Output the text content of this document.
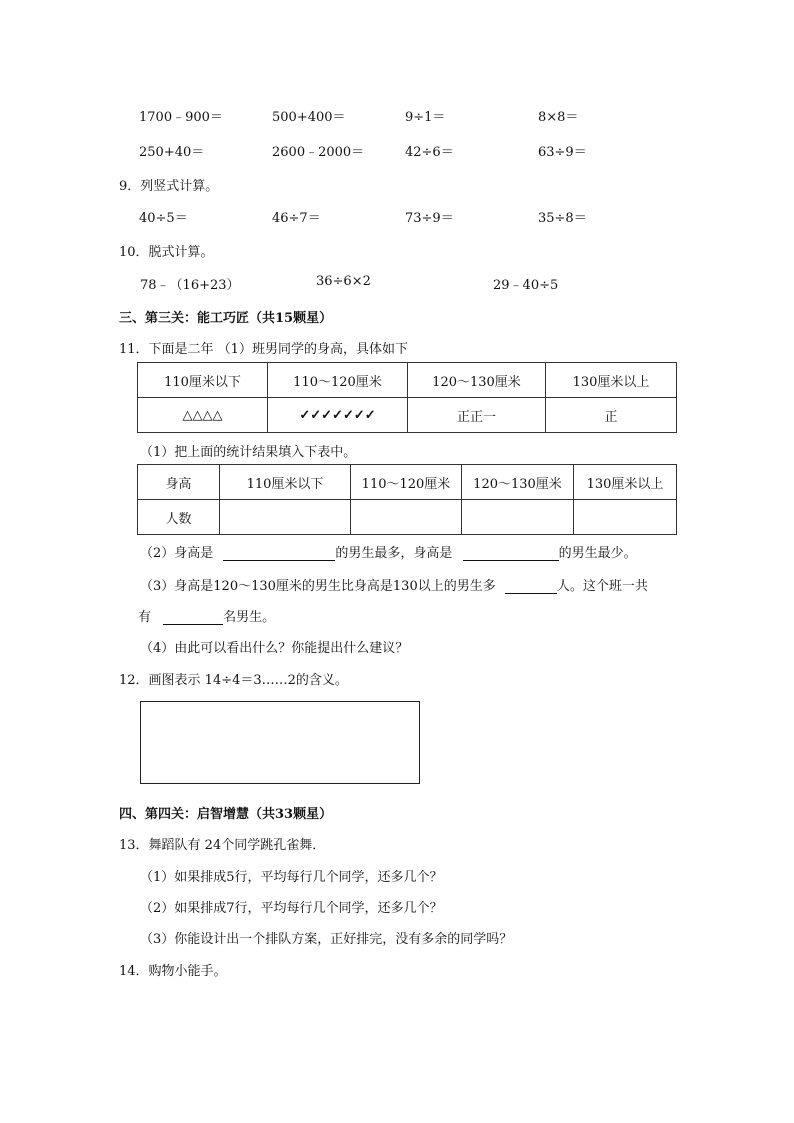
1700﹣900＝	500+400＝	9÷1＝	8×8＝
250+40＝	2600﹣2000＝	42÷6＝	63÷9＝
9．列竖式计算。
40÷5＝	46÷7＝	73÷9＝	35÷8＝
10．脱式计算。
78﹣（16+23）	36÷6×2	29﹣40÷5
三、第三关：能工巧匠（共15颗星）
11．下面是二年 （1）班男同学的身高，具体如下
110厘米以下	110～120厘米	120～130厘米	130厘米以上
△△△△	✓✓✓✓✓✓✓	正正一	正
（1）把上面的统计结果填入下表中。
身高	110厘米以下	110～120厘米	120～130厘米	130厘米以上
人数				
（2）身高是	的男生最多，身高是	的男生最少。
（3）身高是120～130厘米的男生比身高是130以上的男生多	人。这个班一共
有	名男生。
（4）由此可以看出什么？你能提出什么建议？
12．画图表示 14÷4＝3……2的含义。
四、第四关：启智增慧（共33颗星）
13．舞蹈队有 24个同学跳孔雀舞．
（1）如果排成5行，平均每行几个同学，还多几个？
（2）如果排成7行，平均每行几个同学，还多几个？
（3）你能设计出一个排队方案，正好排完，没有多余的同学吗？
14．购物小能手。
